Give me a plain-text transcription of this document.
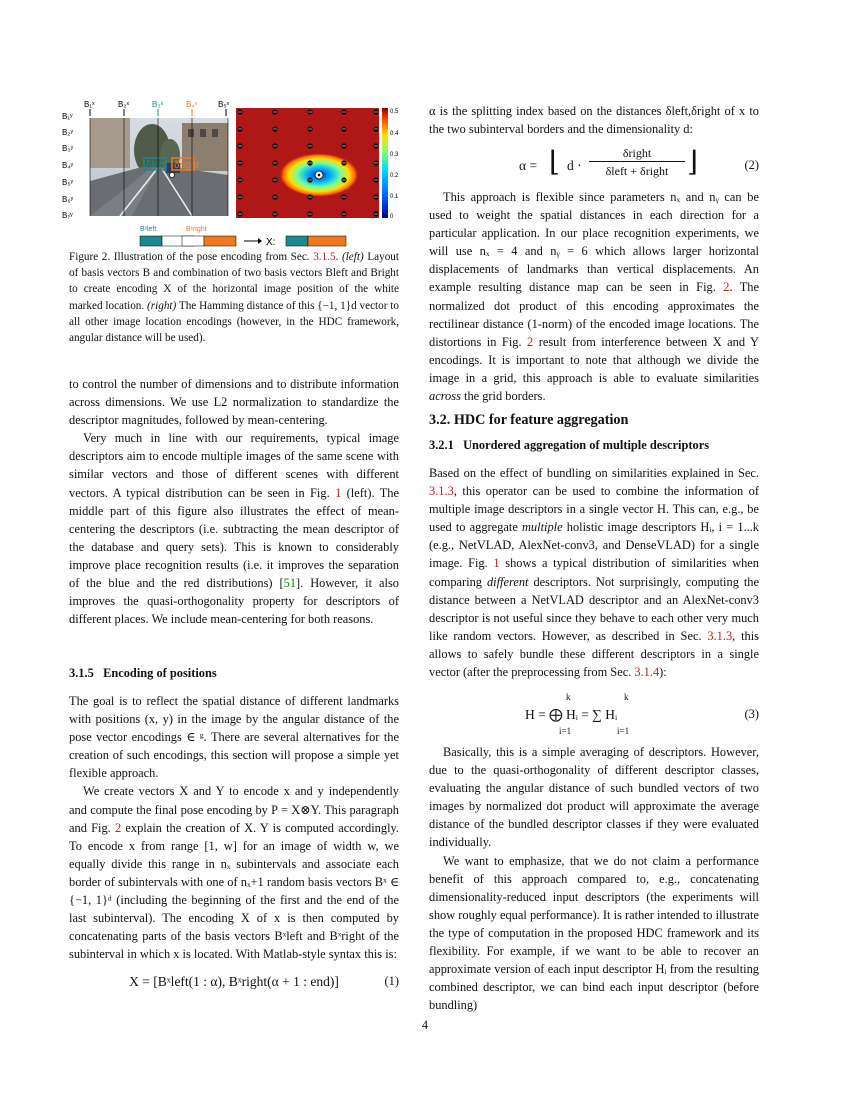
δleft δright
B₁ˣ	B₂ˣ	B₃ˣ	B₄ˣ	B₅ˣ
B₁ʸ
B₂ʸ
B₃ʸ
B₄ʸ
B₅ʸ
B₆ʸ
B₇ʸ
Bˣleft	Bˣright
X:
0.5
0.4
0.3
0.2
0.1
0
Figure 2. Illustration of the pose encoding from Sec. 3.1.5. (left) Layout of basis vectors B and combination of two basis vectors Bleft and Bright to create encoding X of the horizontal image position of the white marked location. (right) The Hamming distance of this {−1, 1}d vector to all other image location encodings (however, in the HDC framework, angular distance will be used).

to control the number of dimensions and to distribute information across dimensions. We use L2 normalization to standardize the descriptor magnitudes, followed by mean-centering.

Very much in line with our requirements, typical image descriptors aim to encode multiple images of the same scene with similar vectors and those of different scenes with different vectors. A typical distribution can be seen in Fig. 1 (left). The middle part of this figure also illustrates the effect of mean-centering the descriptors (i.e. subtracting the mean descriptor of the database and query sets). This is known to considerably improve place recognition results (i.e. it improves the separation of the blue and the red distributions) [51]. However, it also improves the quasi-orthogonality property for descriptors of different places. We include mean-centering for both reasons.

3.1.5   Encoding of positions

The goal is to reflect the spatial distance of different landmarks with positions (x, y) in the image by the angular distance of the pose vector encodings ∈ ᵍ. There are several alternatives for the creation of such encodings, this section will propose a simple yet flexible approach.

We create vectors X and Y to encode x and y independently and compute the final pose encoding by P = X⊗Y. This paragraph and Fig. 2 explain the creation of X. Y is computed accordingly. To encode x from range [1, w] for an image of width w, we equally divide this range in nₓ subintervals and associate each border of subintervals with one of nₓ+1 random basis vectors Bˣ ∈ {−1, 1}ᵈ (including the beginning of the first and the end of the last subinterval). The encoding X of x is then computed by concatenating parts of the basis vectors Bˣleft and Bˣright of the subinterval in which x is located. With Matlab-style syntax this is:

X = [Bˣleft(1 : α), Bˣright(α + 1 : end)]	(1)

α is the splitting index based on the distances δleft,δright of x to the two subinterval borders and the dimensionality d:

α = ⌊ d ·
δright
δleft + δright ⌋	(2)

This approach is flexible since parameters nₓ and nᵧ can be used to weight the spatial distances in each direction for a particular application. In our place recognition experiments, we will use nₓ = 4 and nᵧ = 6 which allows larger horizontal displacements of landmarks than vertical displacements. An example resulting distance map can be seen in Fig. 2. The normalized dot product of this encoding approximates the rectilinear distance (1-norm) of the encoded image locations. The distortions in Fig. 2 result from interference between X and Y encodings. It is important to note that although we divide the image in a grid, this approach is able to evaluate similarities across the grid borders.

3.2. HDC for feature aggregation
3.2.1   Unordered aggregation of multiple descriptors

Based on the effect of bundling on similarities explained in Sec. 3.1.3, this operator can be used to combine the information of multiple image descriptors in a single vector H. This can, e.g., be used to aggregate multiple holistic image descriptors Hᵢ, i = 1...k (e.g., NetVLAD, AlexNet-conv3, and DenseVLAD) for a single image. Fig. 1 shows a typical distribution of similarities when comparing different descriptors. Not surprisingly, computing the distance between a NetVLAD descriptor and an AlexNet-conv3 descriptor is not useful since they behave to each other very much like random vectors. However, as described in Sec. 3.1.3, this allows to safely bundle these different descriptors in a single vector (after the preprocessing from Sec. 3.1.4):

H = ⨁ Hᵢ = ∑ Hᵢ
k
i=1
k
i=1
(3)

Basically, this is a simple averaging of descriptors. However, due to the quasi-orthogonality of different descriptor classes, evaluating the angular distance of such bundled vectors of two images by normalized dot product will approximate the average distance of the bundled descriptor classes if they were evaluated individually.

We want to emphasize, that we do not claim a performance benefit of this approach compared to, e.g., concatenating dimensionality-reduced input descriptors (the experiments will show roughly equal performance). It is rather intended to illustrate the type of computation in the proposed HDC framework and its flexibility. For example, if we want to be able to recover an approximate version of each input descriptor Hᵢ from the resulting combined descriptor, we can bind each input descriptor (before bundling)

4
